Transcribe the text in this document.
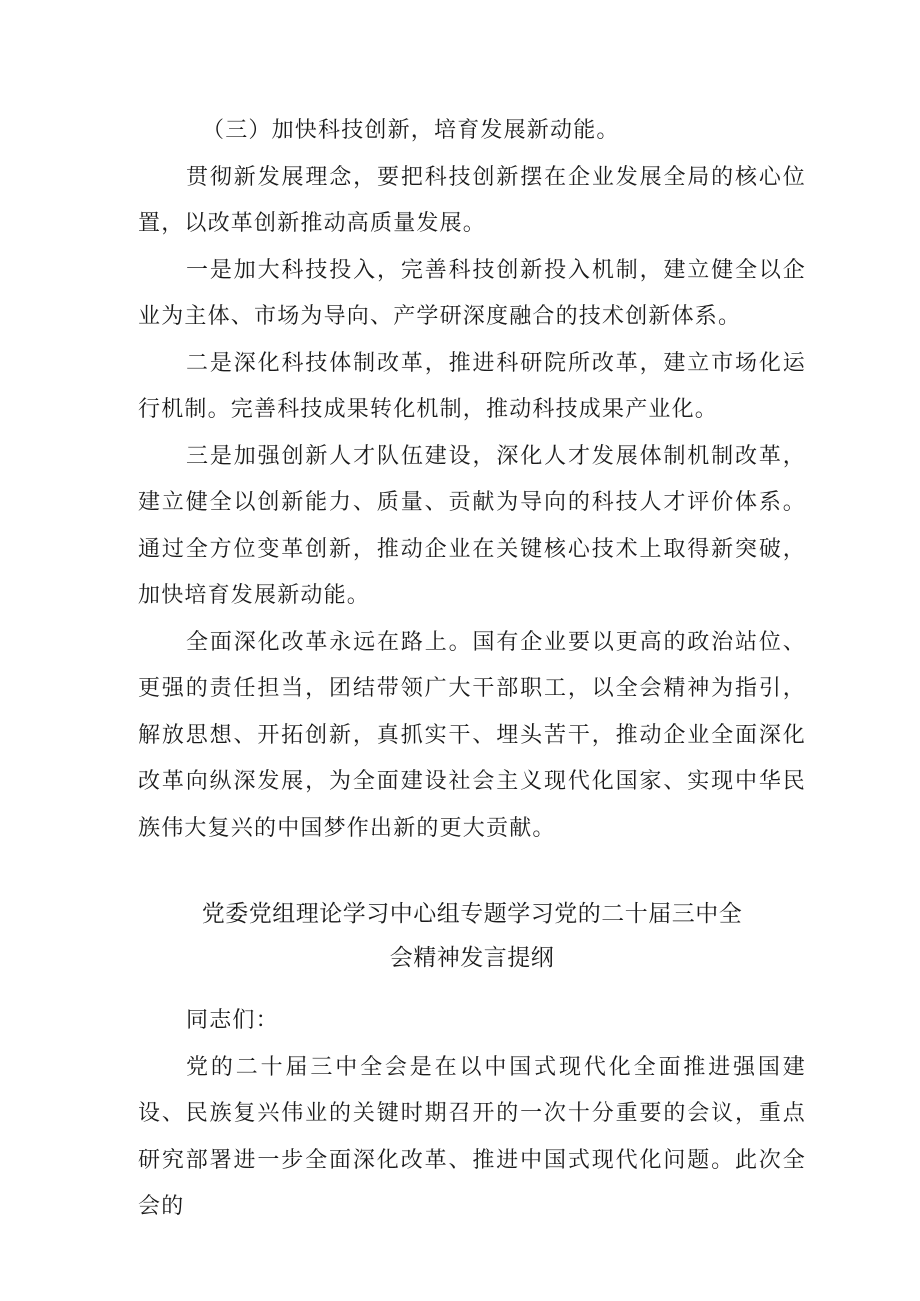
（三）加快科技创新，培育发展新动能。

贯彻新发展理念，要把科技创新摆在企业发展全局的核心位置，以改革创新推动高质量发展。

一是加大科技投入，完善科技创新投入机制，建立健全以企业为主体、市场为导向、产学研深度融合的技术创新体系。

二是深化科技体制改革，推进科研院所改革，建立市场化运行机制。完善科技成果转化机制，推动科技成果产业化。

三是加强创新人才队伍建设，深化人才发展体制机制改革，建立健全以创新能力、质量、贡献为导向的科技人才评价体系。通过全方位变革创新，推动企业在关键核心技术上取得新突破，加快培育发展新动能。

全面深化改革永远在路上。国有企业要以更高的政治站位、更强的责任担当，团结带领广大干部职工，以全会精神为指引，解放思想、开拓创新，真抓实干、埋头苦干，推动企业全面深化改革向纵深发展，为全面建设社会主义现代化国家、实现中华民族伟大复兴的中国梦作出新的更大贡献。

党委党组理论学习中心组专题学习党的二十届三中全会精神发言提纲

同志们：

党的二十届三中全会是在以中国式现代化全面推进强国建设、民族复兴伟业的关键时期召开的一次十分重要的会议，重点研究部署进一步全面深化改革、推进中国式现代化问题。此次全会的
